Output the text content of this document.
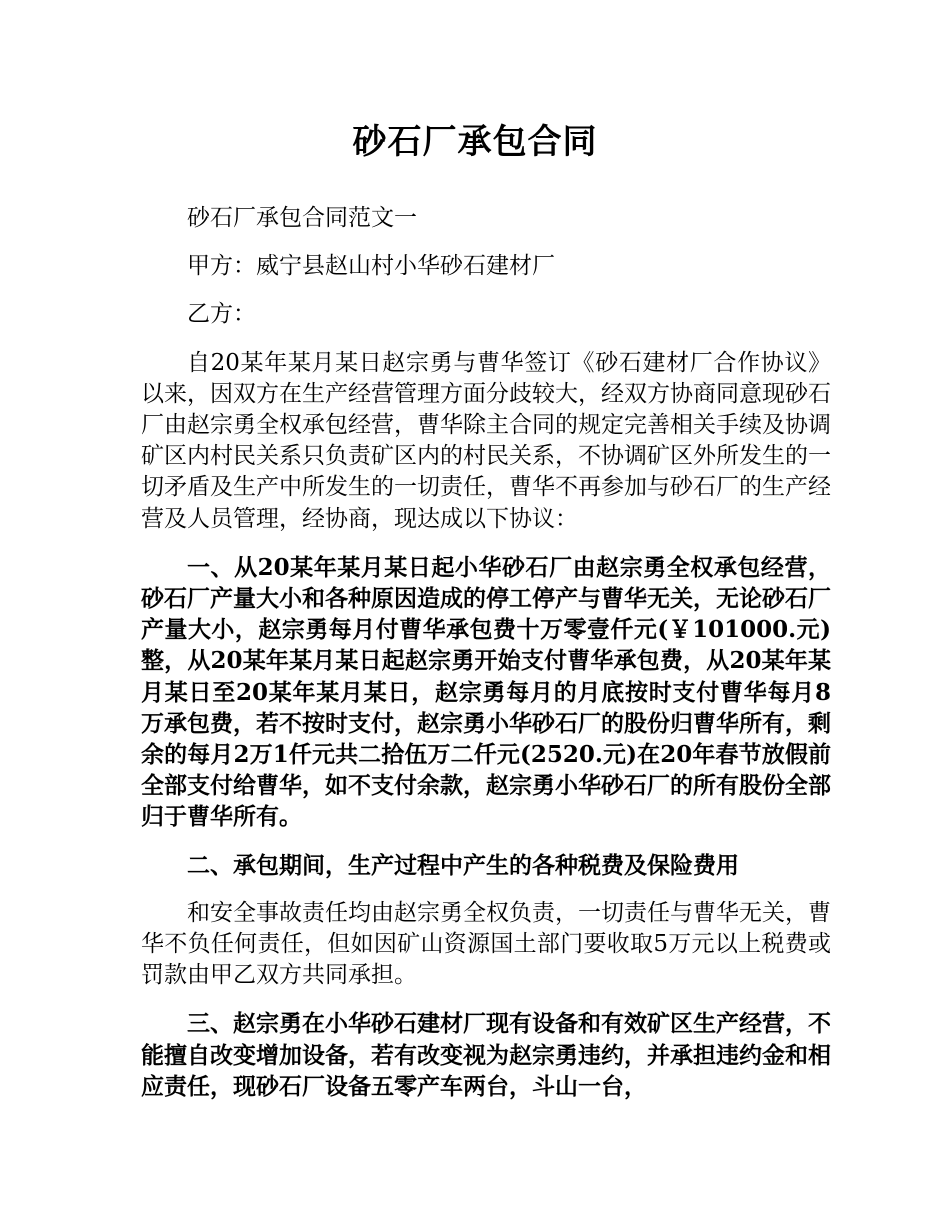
砂石厂承包合同

砂石厂承包合同范文一

甲方：威宁县赵山村小华砂石建材厂

乙方：

自20某年某月某日赵宗勇与曹华签订《砂石建材厂合作协议》以来，因双方在生产经营管理方面分歧较大，经双方协商同意现砂石厂由赵宗勇全权承包经营，曹华除主合同的规定完善相关手续及协调矿区内村民关系只负责矿区内的村民关系，不协调矿区外所发生的一切矛盾及生产中所发生的一切责任，曹华不再参加与砂石厂的生产经营及人员管理，经协商，现达成以下协议：

一、从20某年某月某日起小华砂石厂由赵宗勇全权承包经营，砂石厂产量大小和各种原因造成的停工停产与曹华无关，无论砂石厂产量大小，赵宗勇每月付曹华承包费十万零壹仟元(￥101000.元)整，从20某年某月某日起赵宗勇开始支付曹华承包费，从20某年某月某日至20某年某月某日，赵宗勇每月的月底按时支付曹华每月8万承包费，若不按时支付，赵宗勇小华砂石厂的股份归曹华所有，剩余的每月2万1仟元共二拾伍万二仟元(2520.元)在20年春节放假前全部支付给曹华，如不支付余款，赵宗勇小华砂石厂的所有股份全部归于曹华所有。

二、承包期间，生产过程中产生的各种税费及保险费用

和安全事故责任均由赵宗勇全权负责，一切责任与曹华无关，曹华不负任何责任，但如因矿山资源国土部门要收取5万元以上税费或罚款由甲乙双方共同承担。

三、赵宗勇在小华砂石建材厂现有设备和有效矿区生产经营，不能擅自改变增加设备，若有改变视为赵宗勇违约，并承担违约金和相应责任，现砂石厂设备五零产车两台，斗山一台，
